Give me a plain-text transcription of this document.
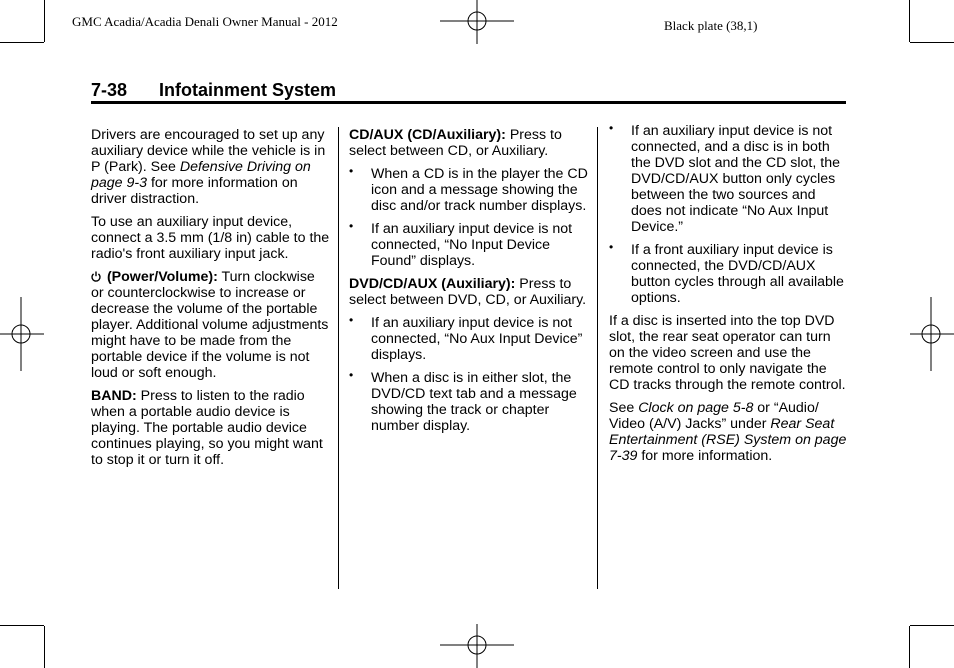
GMC Acadia/Acadia Denali Owner Manual - 2012	Black plate (38,1)
7-38 Infotainment System

Drivers are encouraged to set up any auxiliary device while the vehicle is in P (Park). See Defensive Driving on page 9-3 for more information on driver distraction.

To use an auxiliary input device, connect a 3.5 mm (1/8 in) cable to the radio's front auxiliary input jack.

(Power/Volume): Turn clockwise or counterclockwise to increase or decrease the volume of the portable player. Additional volume adjustments might have to be made from the portable device if the volume is not loud or soft enough.

BAND: Press to listen to the radio when a portable audio device is playing. The portable audio device continues playing, so you might want to stop it or turn it off.

CD/AUX (CD/Auxiliary): Press to select between CD, or Auxiliary.

• When a CD is in the player the CD icon and a message showing the disc and/or track number displays.
• If an auxiliary input device is not connected, “No Input Device Found” displays.

DVD/CD/AUX (Auxiliary): Press to select between DVD, CD, or Auxiliary.

• If an auxiliary input device is not connected, “No Aux Input Device” displays.
• When a disc is in either slot, the DVD/CD text tab and a message showing the track or chapter number display.
• If an auxiliary input device is not connected, and a disc is in both the DVD slot and the CD slot, the DVD/CD/AUX button only cycles between the two sources and does not indicate “No Aux Input Device.”
• If a front auxiliary input device is connected, the DVD/CD/AUX button cycles through all available options.

If a disc is inserted into the top DVD slot, the rear seat operator can turn on the video screen and use the remote control to only navigate the CD tracks through the remote control.

See Clock on page 5-8 or “Audio/ Video (A/V) Jacks” under Rear Seat Entertainment (RSE) System on page 7-39 for more information.
